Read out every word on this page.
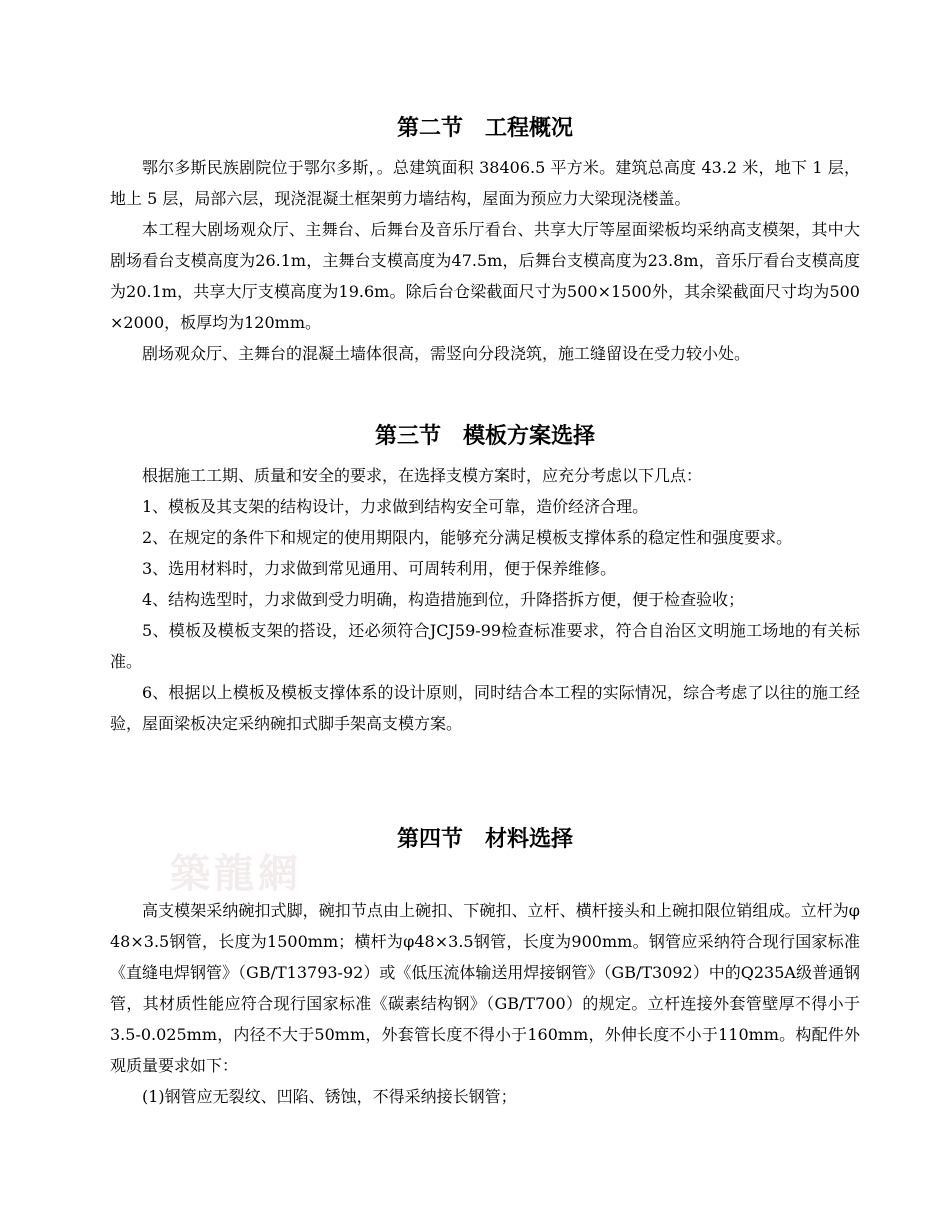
第二节　工程概况

鄂尔多斯民族剧院位于鄂尔多斯，。总建筑面积 38406.5 平方米。建筑总高度 43.2 米，地下 1 层，地上 5 层，局部六层，现浇混凝土框架剪力墙结构，屋面为预应力大梁现浇楼盖。

本工程大剧场观众厅、主舞台、后舞台及音乐厅看台、共享大厅等屋面梁板均采纳高支模架，其中大剧场看台支模高度为26.1m，主舞台支模高度为47.5m，后舞台支模高度为23.8m，音乐厅看台支模高度为20.1m，共享大厅支模高度为19.6m。除后台仓梁截面尺寸为500×1500外，其余梁截面尺寸均为500×2000，板厚均为120mm。

剧场观众厅、主舞台的混凝土墙体很高，需竖向分段浇筑，施工缝留设在受力较小处。

第三节　模板方案选择

根据施工工期、质量和安全的要求，在选择支模方案时，应充分考虑以下几点：

1、模板及其支架的结构设计，力求做到结构安全可靠，造价经济合理。

2、在规定的条件下和规定的使用期限内，能够充分满足模板支撑体系的稳定性和强度要求。

3、选用材料时，力求做到常见通用、可周转利用，便于保养维修。

4、结构选型时，力求做到受力明确，构造措施到位，升降搭拆方便，便于检查验收；

5、模板及模板支架的搭设，还必须符合JCJ59-99检查标准要求，符合自治区文明施工场地的有关标准。

6、根据以上模板及模板支撑体系的设计原则，同时结合本工程的实际情况，综合考虑了以往的施工经验，屋面梁板决定采纳碗扣式脚手架高支模方案。

第四节　材料选择

高支模架采纳碗扣式脚，碗扣节点由上碗扣、下碗扣、立杆、横杆接头和上碗扣限位销组成。立杆为φ48×3.5钢管，长度为1500mm；横杆为φ48×3.5钢管，长度为900mm。钢管应采纳符合现行国家标准《直缝电焊钢管》（GB/T13793-92）或《低压流体输送用焊接钢管》（GB/T3092）中的Q235A级普通钢管，其材质性能应符合现行国家标准《碳素结构钢》（GB/T700）的规定。立杆连接外套管壁厚不得小于3.5-0.025mm，内径不大于50mm，外套管长度不得小于160mm，外伸长度不小于110mm。构配件外观质量要求如下：

(1)钢管应无裂纹、凹陷、锈蚀，不得采纳接长钢管；

築龍網
